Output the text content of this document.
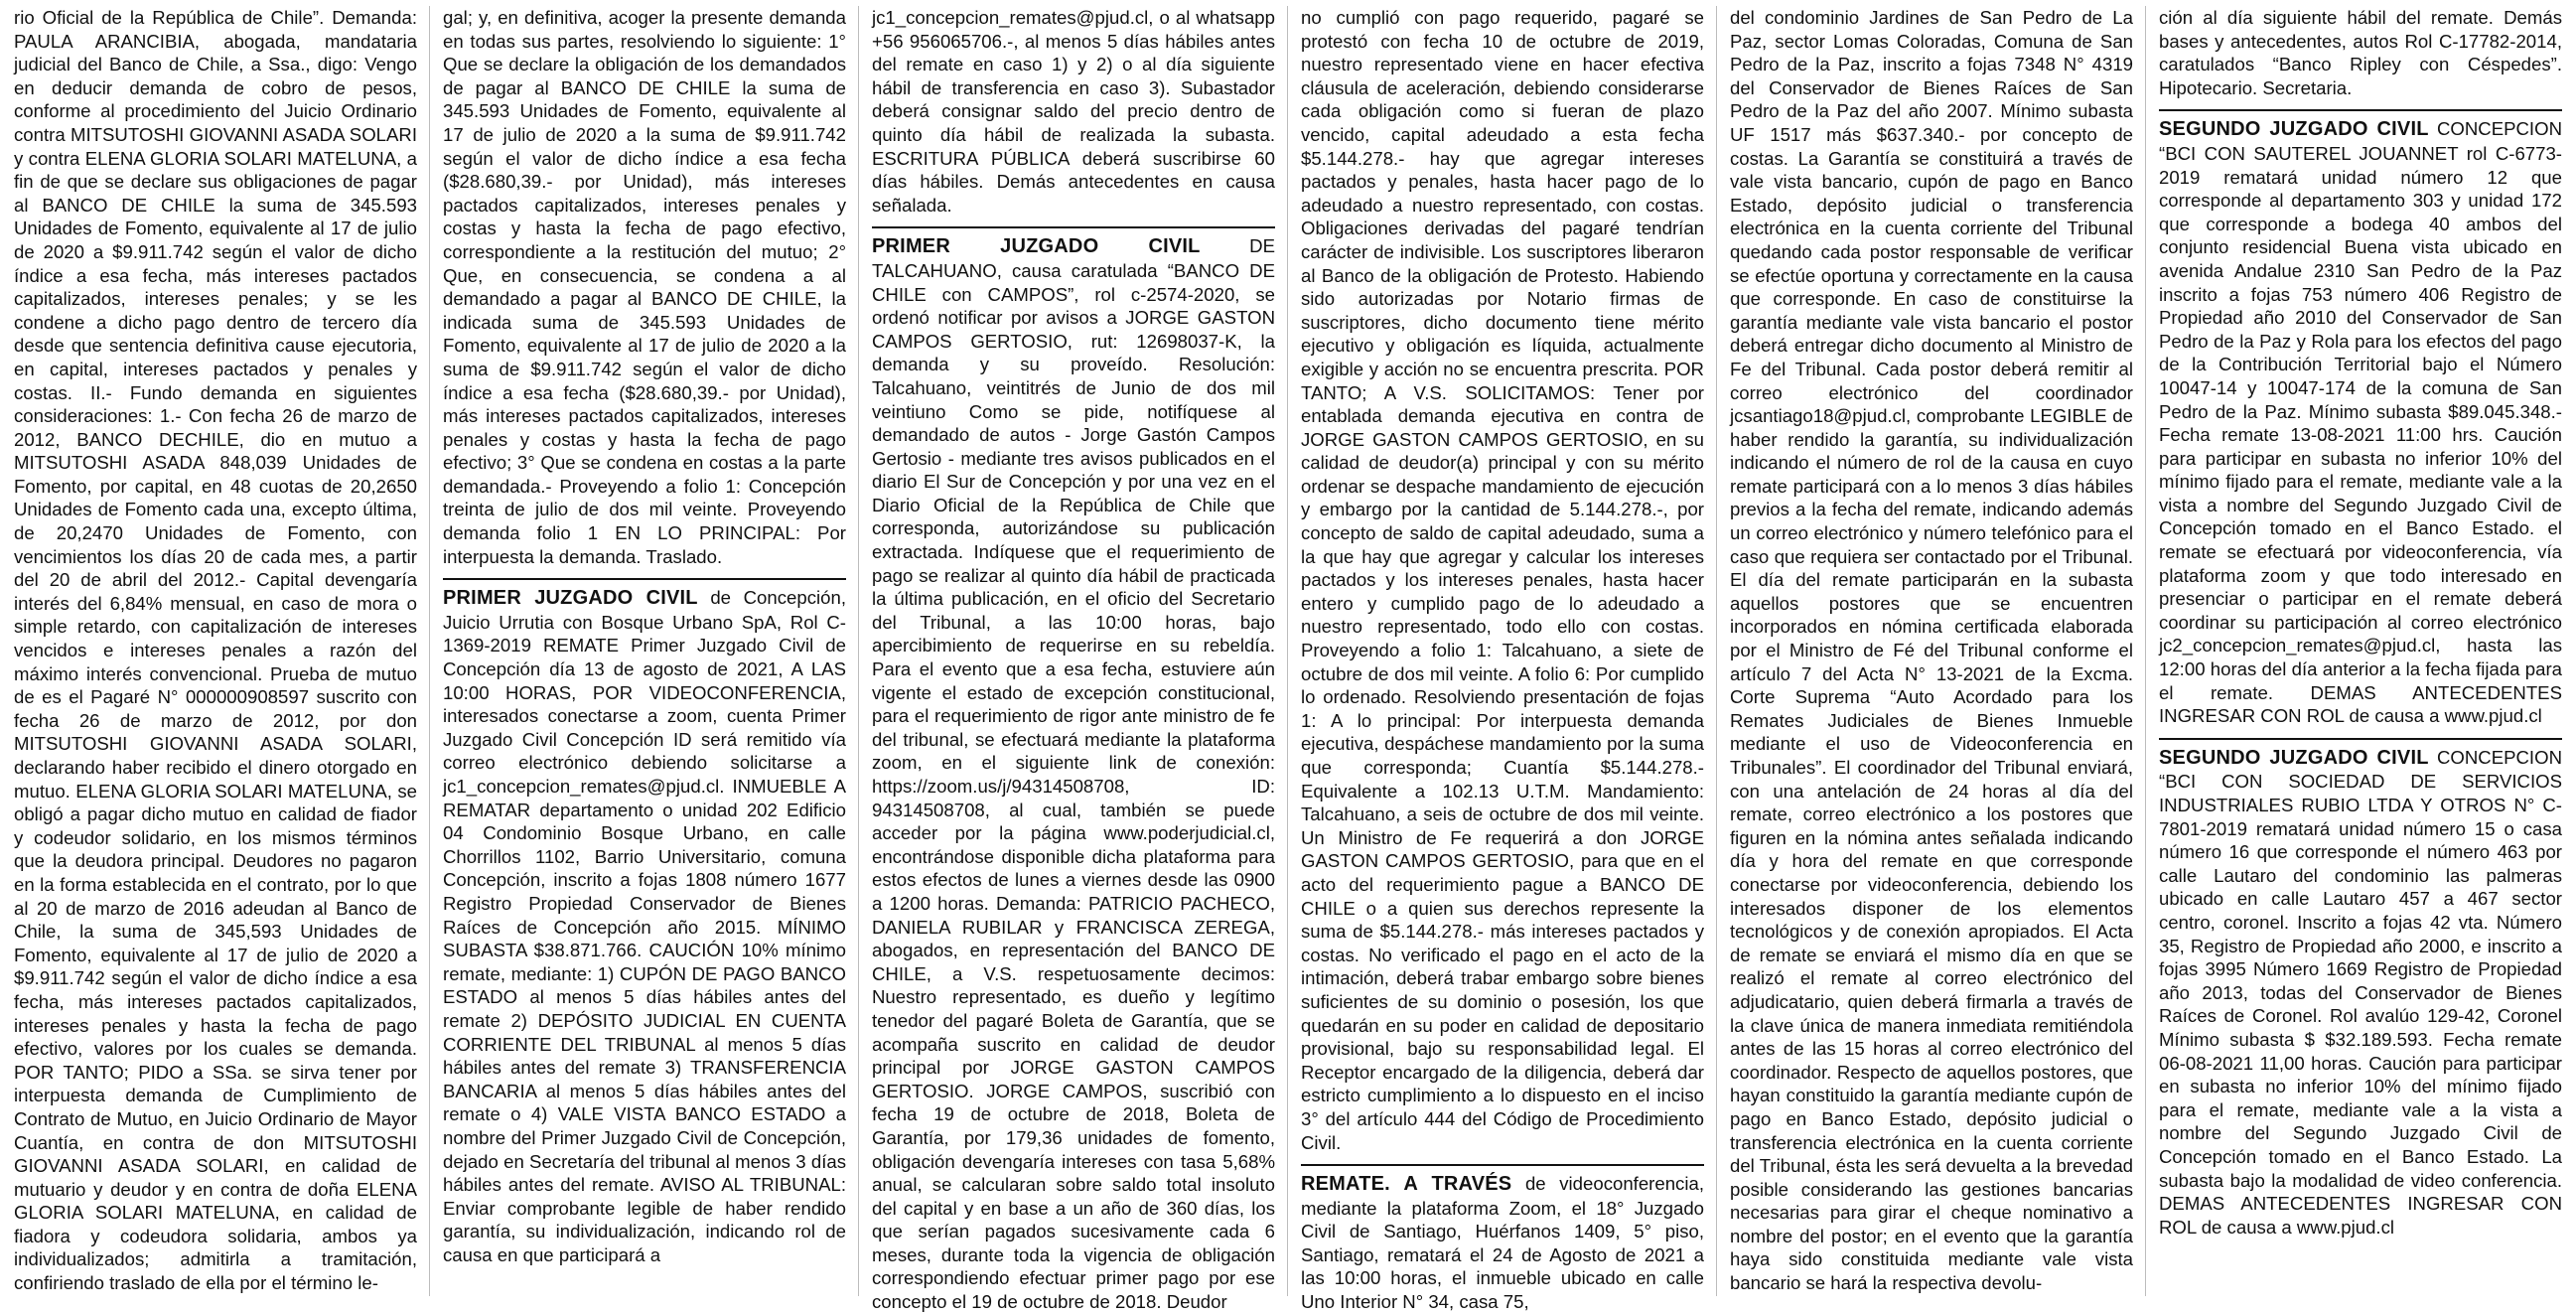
rio Oficial de la República de Chile”. Demanda: PAULA ARANCIBIA, abogada, mandataria judicial del Banco de Chile, a Ssa., digo: Vengo en deducir demanda de cobro de pesos, conforme al procedimiento del Juicio Ordinario contra MITSUTOSHI GIOVANNI ASADA SOLARI y contra ELENA GLORIA SOLARI MATELUNA, a fin de que se declare sus obligaciones de pagar al BANCO DE CHILE la suma de 345.593 Unidades de Fomento, equivalente al 17 de julio de 2020 a $9.911.742 según el valor de dicho índice a esa fecha, más intereses pactados capitalizados, intereses penales; y se les condene a dicho pago dentro de tercero día desde que sentencia definitiva cause ejecutoria, en capital, intereses pactados y penales y costas. II.- Fundo demanda en siguientes consideraciones: 1.- Con fecha 26 de marzo de 2012, BANCO DECHILE, dio en mutuo a MITSUTOSHI ASADA 848,039 Unidades de Fomento, por capital, en 48 cuotas de 20,2650 Unidades de Fomento cada una, excepto última, de 20,2470 Unidades de Fomento, con vencimientos los días 20 de cada mes, a partir del 20 de abril del 2012.- Capital devengaría interés del 6,84% mensual, en caso de mora o simple retardo, con capitalización de intereses vencidos e intereses penales a razón del máximo interés convencional. Prueba de mutuo de es el Pagaré N° 000000908597 suscrito con fecha 26 de marzo de 2012, por don MITSUTOSHI GIOVANNI ASADA SOLARI, declarando haber recibido el dinero otorgado en mutuo. ELENA GLORIA SOLARI MATELUNA, se obligó a pagar dicho mutuo en calidad de fiador y codeudor solidario, en los mismos términos que la deudora principal. Deudores no pagaron en la forma establecida en el contrato, por lo que al 20 de marzo de 2016 adeudan al Banco de Chile, la suma de 345,593 Unidades de Fomento, equivalente al 17 de julio de 2020 a $9.911.742 según el valor de dicho índice a esa fecha, más intereses pactados capitalizados, intereses penales y hasta la fecha de pago efectivo, valores por los cuales se demanda. POR TANTO; PIDO a SSa. se sirva tener por interpuesta demanda de Cumplimiento de Contrato de Mutuo, en Juicio Ordinario de Mayor Cuantía, en contra de don MITSUTOSHI GIOVANNI ASADA SOLARI, en calidad de mutuario y deudor y en contra de doña ELENA GLORIA SOLARI MATELUNA, en calidad de fiadora y codeudora solidaria, ambos ya individualizados; admitirla a tramitación, confiriendo traslado de ella por el término le-

gal; y, en definitiva, acoger la presente demanda en todas sus partes, resolviendo lo siguiente: 1° Que se declare la obligación de los demandados de pagar al BANCO DE CHILE la suma de 345.593 Unidades de Fomento, equivalente al 17 de julio de 2020 a la suma de $9.911.742 según el valor de dicho índice a esa fecha ($28.680,39.- por Unidad), más intereses pactados capitalizados, intereses penales y costas y hasta la fecha de pago efectivo, correspondiente a la restitución del mutuo; 2° Que, en consecuencia, se condena a al demandado a pagar al BANCO DE CHILE, la indicada suma de 345.593 Unidades de Fomento, equivalente al 17 de julio de 2020 a la suma de $9.911.742 según el valor de dicho índice a esa fecha ($28.680,39.- por Unidad), más intereses pactados capitalizados, intereses penales y costas y hasta la fecha de pago efectivo; 3° Que se condena en costas a la parte demandada.- Proveyendo a folio 1: Concepción treinta de julio de dos mil veinte. Proveyendo demanda folio 1 EN LO PRINCIPAL: Por interpuesta la demanda. Traslado.

PRIMER JUZGADO CIVIL de Concepción, Juicio Urrutia con Bosque Urbano SpA, Rol C-1369-2019 REMATE Primer Juzgado Civil de Concepción día 13 de agosto de 2021, A LAS 10:00 HORAS, POR VIDEOCONFERENCIA, interesados conectarse a zoom, cuenta Primer Juzgado Civil Concepción ID será remitido vía correo electrónico debiendo solicitarse a jc1_concepcion_remates@pjud.cl. INMUEBLE A REMATAR departamento o unidad 202 Edificio 04 Condominio Bosque Urbano, en calle Chorrillos 1102, Barrio Universitario, comuna Concepción, inscrito a fojas 1808 número 1677 Registro Propiedad Conservador de Bienes Raíces de Concepción año 2015. MÍNIMO SUBASTA $38.871.766. CAUCIÓN 10% mínimo remate, mediante: 1) CUPÓN DE PAGO BANCO ESTADO al menos 5 días hábiles antes del remate 2) DEPÓSITO JUDICIAL EN CUENTA CORRIENTE DEL TRIBUNAL al menos 5 días hábiles antes del remate 3) TRANSFERENCIA BANCARIA al menos 5 días hábiles antes del remate o 4) VALE VISTA BANCO ESTADO a nombre del Primer Juzgado Civil de Concepción, dejado en Secretaría del tribunal al menos 3 días hábiles antes del remate. AVISO AL TRIBUNAL: Enviar comprobante legible de haber rendido garantía, su individualización, indicando rol de causa en que participará a

jc1_concepcion_remates@pjud.cl, o al whatsapp +56 956065706.-, al menos 5 días hábiles antes del remate en caso 1) y 2) o al día siguiente hábil de transferencia en caso 3). Subastador deberá consignar saldo del precio dentro de quinto día hábil de realizada la subasta. ESCRITURA PÚBLICA deberá suscribirse 60 días hábiles. Demás antecedentes en causa señalada.

PRIMER JUZGADO CIVIL DE TALCAHUANO, causa caratulada “BANCO DE CHILE con CAMPOS”, rol c-2574-2020, se ordenó notificar por avisos a JORGE GASTON CAMPOS GERTOSIO, rut: 12698037-K, la demanda y su proveído. Resolución: Talcahuano, veintitrés de Junio de dos mil veintiuno Como se pide, notifíquese al demandado de autos - Jorge Gastón Campos Gertosio - mediante tres avisos publicados en el diario El Sur de Concepción y por una vez en el Diario Oficial de la República de Chile que corresponda, autorizándose su publicación extractada. Indíquese que el requerimiento de pago se realizar al quinto día hábil de practicada la última publicación, en el oficio del Secretario del Tribunal, a las 10:00 horas, bajo apercibimiento de requerirse en su rebeldía. Para el evento que a esa fecha, estuviere aún vigente el estado de excepción constitucional, para el requerimiento de rigor ante ministro de fe del tribunal, se efectuará mediante la plataforma zoom, en el siguiente link de conexión: https://zoom.us/j/94314508708, ID: 94314508708, al cual, también se puede acceder por la página www.poderjudicial.cl, encontrándose disponible dicha plataforma para estos efectos de lunes a viernes desde las 0900 a 1200 horas. Demanda: PATRICIO PACHECO, DANIELA RUBILAR y FRANCISCA ZEREGA, abogados, en representación del BANCO DE CHILE, a V.S. respetuosamente decimos: Nuestro representado, es dueño y legítimo tenedor del pagaré Boleta de Garantía, que se acompaña suscrito en calidad de deudor principal por JORGE GASTON CAMPOS GERTOSIO. JORGE CAMPOS, suscribió con fecha 19 de octubre de 2018, Boleta de Garantía, por 179,36 unidades de fomento, obligación devengaría intereses con tasa 5,68% anual, se calcularan sobre saldo total insoluto del capital y en base a un año de 360 días, los que serían pagados sucesivamente cada 6 meses, durante toda la vigencia de obligación correspondiendo efectuar primer pago por ese concepto el 19 de octubre de 2018. Deudor

no cumplió con pago requerido, pagaré se protestó con fecha 10 de octubre de 2019, nuestro representado viene en hacer efectiva cláusula de aceleración, debiendo considerarse cada obligación como si fueran de plazo vencido, capital adeudado a esta fecha $5.144.278.- hay que agregar intereses pactados y penales, hasta hacer pago de lo adeudado a nuestro representado, con costas. Obligaciones derivadas del pagaré tendrían carácter de indivisible. Los suscriptores liberaron al Banco de la obligación de Protesto. Habiendo sido autorizadas por Notario firmas de suscriptores, dicho documento tiene mérito ejecutivo y obligación es líquida, actualmente exigible y acción no se encuentra prescrita. POR TANTO; A V.S. SOLICITAMOS: Tener por entablada demanda ejecutiva en contra de JORGE GASTON CAMPOS GERTOSIO, en su calidad de deudor(a) principal y con su mérito ordenar se despache mandamiento de ejecución y embargo por la cantidad de 5.144.278.-, por concepto de saldo de capital adeudado, suma a la que hay que agregar y calcular los intereses pactados y los intereses penales, hasta hacer entero y cumplido pago de lo adeudado a nuestro representado, todo ello con costas. Proveyendo a folio 1: Talcahuano, a siete de octubre de dos mil veinte. A folio 6: Por cumplido lo ordenado. Resolviendo presentación de fojas 1: A lo principal: Por interpuesta demanda ejecutiva, despáchese mandamiento por la suma que corresponda; Cuantía $5.144.278.- Equivalente a 102.13 U.T.M. Mandamiento: Talcahuano, a seis de octubre de dos mil veinte. Un Ministro de Fe requerirá a don JORGE GASTON CAMPOS GERTOSIO, para que en el acto del requerimiento pague a BANCO DE CHILE o a quien sus derechos represente la suma de $5.144.278.- más intereses pactados y costas. No verificado el pago en el acto de la intimación, deberá trabar embargo sobre bienes suficientes de su dominio o posesión, los que quedarán en su poder en calidad de depositario provisional, bajo su responsabilidad legal. El Receptor encargado de la diligencia, deberá dar estricto cumplimiento a lo dispuesto en el inciso 3° del artículo 444 del Código de Procedimiento Civil.

REMATE. A TRAVÉS de videoconferencia, mediante la plataforma Zoom, el 18° Juzgado Civil de Santiago, Huérfanos 1409, 5° piso, Santiago, rematará el 24 de Agosto de 2021 a las 10:00 horas, el inmueble ubicado en calle Uno Interior N° 34, casa 75,

del condominio Jardines de San Pedro de La Paz, sector Lomas Coloradas, Comuna de San Pedro de la Paz, inscrito a fojas 7348 N° 4319 del Conservador de Bienes Raíces de San Pedro de la Paz del año 2007. Mínimo subasta UF 1517 más $637.340.- por concepto de costas. La Garantía se constituirá a través de vale vista bancario, cupón de pago en Banco Estado, depósito judicial o transferencia electrónica en la cuenta corriente del Tribunal quedando cada postor responsable de verificar se efectúe oportuna y correctamente en la causa que corresponde. En caso de constituirse la garantía mediante vale vista bancario el postor deberá entregar dicho documento al Ministro de Fe del Tribunal. Cada postor deberá remitir al correo electrónico del coordinador jcsantiago18@pjud.cl, comprobante LEGIBLE de haber rendido la garantía, su individualización indicando el número de rol de la causa en cuyo remate participará con a lo menos 3 días hábiles previos a la fecha del remate, indicando además un correo electrónico y número telefónico para el caso que requiera ser contactado por el Tribunal. El día del remate participarán en la subasta aquellos postores que se encuentren incorporados en nómina certificada elaborada por el Ministro de Fé del Tribunal conforme el artículo 7 del Acta N° 13-2021 de la Excma. Corte Suprema “Auto Acordado para los Remates Judiciales de Bienes Inmueble mediante el uso de Videoconferencia en Tribunales”. El coordinador del Tribunal enviará, con una antelación de 24 horas al día del remate, correo electrónico a los postores que figuren en la nómina antes señalada indicando día y hora del remate en que corresponde conectarse por videoconferencia, debiendo los interesados disponer de los elementos tecnológicos y de conexión apropiados. El Acta de remate se enviará el mismo día en que se realizó el remate al correo electrónico del adjudicatario, quien deberá firmarla a través de la clave única de manera inmediata remitiéndola antes de las 15 horas al correo electrónico del coordinador. Respecto de aquellos postores, que hayan constituido la garantía mediante cupón de pago en Banco Estado, depósito judicial o transferencia electrónica en la cuenta corriente del Tribunal, ésta les será devuelta a la brevedad posible considerando las gestiones bancarias necesarias para girar el cheque nominativo a nombre del postor; en el evento que la garantía haya sido constituida mediante vale vista bancario se hará la respectiva devolu-

ción al día siguiente hábil del remate. Demás bases y antecedentes, autos Rol C-17782-2014, caratulados “Banco Ripley con Céspedes”. Hipotecario. Secretaria.

SEGUNDO JUZGADO CIVIL CONCEPCION “BCI CON SAUTEREL JOUANNET rol C-6773-2019 rematará unidad número 12 que corresponde al departamento 303 y unidad 172 que corresponde a bodega 40 ambos del conjunto residencial Buena vista ubicado en avenida Andalue 2310 San Pedro de la Paz inscrito a fojas 753 número 406 Registro de Propiedad año 2010 del Conservador de San Pedro de la Paz y Rola para los efectos del pago de la Contribución Territorial bajo el Número 10047-14 y 10047-174 de la comuna de San Pedro de la Paz. Mínimo subasta $89.045.348.- Fecha remate 13-08-2021 11:00 hrs. Caución para participar en subasta no inferior 10% del mínimo fijado para el remate, mediante vale a la vista a nombre del Segundo Juzgado Civil de Concepción tomado en el Banco Estado. el remate se efectuará por videoconferencia, vía plataforma zoom y que todo interesado en presenciar o participar en el remate deberá coordinar su participación al correo electrónico jc2_concepcion_remates@pjud.cl, hasta las 12:00 horas del día anterior a la fecha fijada para el remate. DEMAS ANTECEDENTES INGRESAR CON ROL de causa a www.pjud.cl

SEGUNDO JUZGADO CIVIL CONCEPCION “BCI CON SOCIEDAD DE SERVICIOS INDUSTRIALES RUBIO LTDA Y OTROS N° C-7801-2019 rematará unidad número 15 o casa número 16 que corresponde el número 463 por calle Lautaro del condominio las palmeras ubicado en calle Lautaro 457 a 467 sector centro, coronel. Inscrito a fojas 42 vta. Número 35, Registro de Propiedad año 2000, e inscrito a fojas 3995 Número 1669 Registro de Propiedad año 2013, todas del Conservador de Bienes Raíces de Coronel. Rol avalúo 129-42, Coronel Mínimo subasta $ $32.189.593. Fecha remate 06-08-2021 11,00 horas. Caución para participar en subasta no inferior 10% del mínimo fijado para el remate, mediante vale a la vista a nombre del Segundo Juzgado Civil de Concepción tomado en el Banco Estado. La subasta bajo la modalidad de video conferencia. DEMAS ANTECEDENTES INGRESAR CON ROL de causa a www.pjud.cl
